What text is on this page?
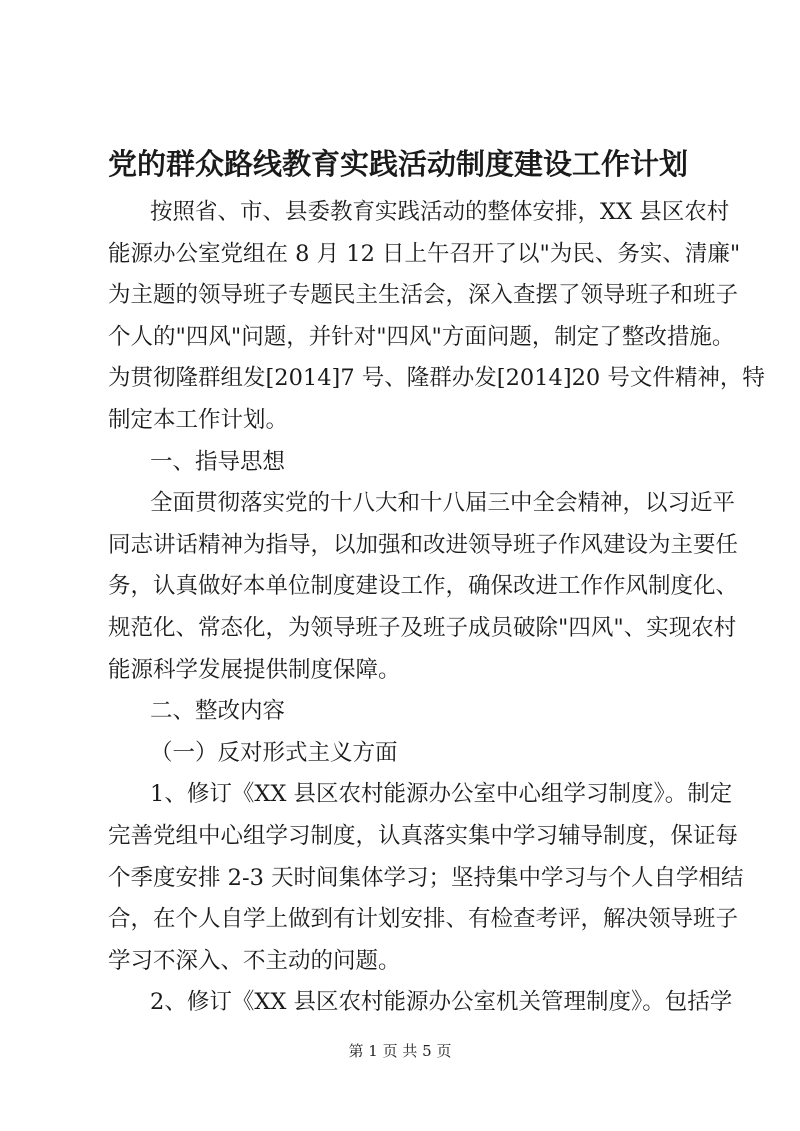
党的群众路线教育实践活动制度建设工作计划
按照省、市、县委教育实践活动的整体安排，XX 县区农村
能源办公室党组在 8 月 12 日上午召开了以"为民、务实、清廉"
为主题的领导班子专题民主生活会，深入查摆了领导班子和班子
个人的"四风"问题，并针对"四风"方面问题，制定了整改措施。
为贯彻隆群组发[2014]7 号、隆群办发[2014]20 号文件精神，特
制定本工作计划。
一、指导思想
全面贯彻落实党的十八大和十八届三中全会精神，以习近平
同志讲话精神为指导，以加强和改进领导班子作风建设为主要任
务，认真做好本单位制度建设工作，确保改进工作作风制度化、
规范化、常态化，为领导班子及班子成员破除"四风"、实现农村
能源科学发展提供制度保障。
二、整改内容
（一）反对形式主义方面
1、修订《XX 县区农村能源办公室中心组学习制度》。制定
完善党组中心组学习制度，认真落实集中学习辅导制度，保证每
个季度安排 2-3 天时间集体学习；坚持集中学习与个人自学相结
合，在个人自学上做到有计划安排、有检查考评，解决领导班子
学习不深入、不主动的问题。
2、修订《XX 县区农村能源办公室机关管理制度》。包括学
第 1 页 共 5 页
